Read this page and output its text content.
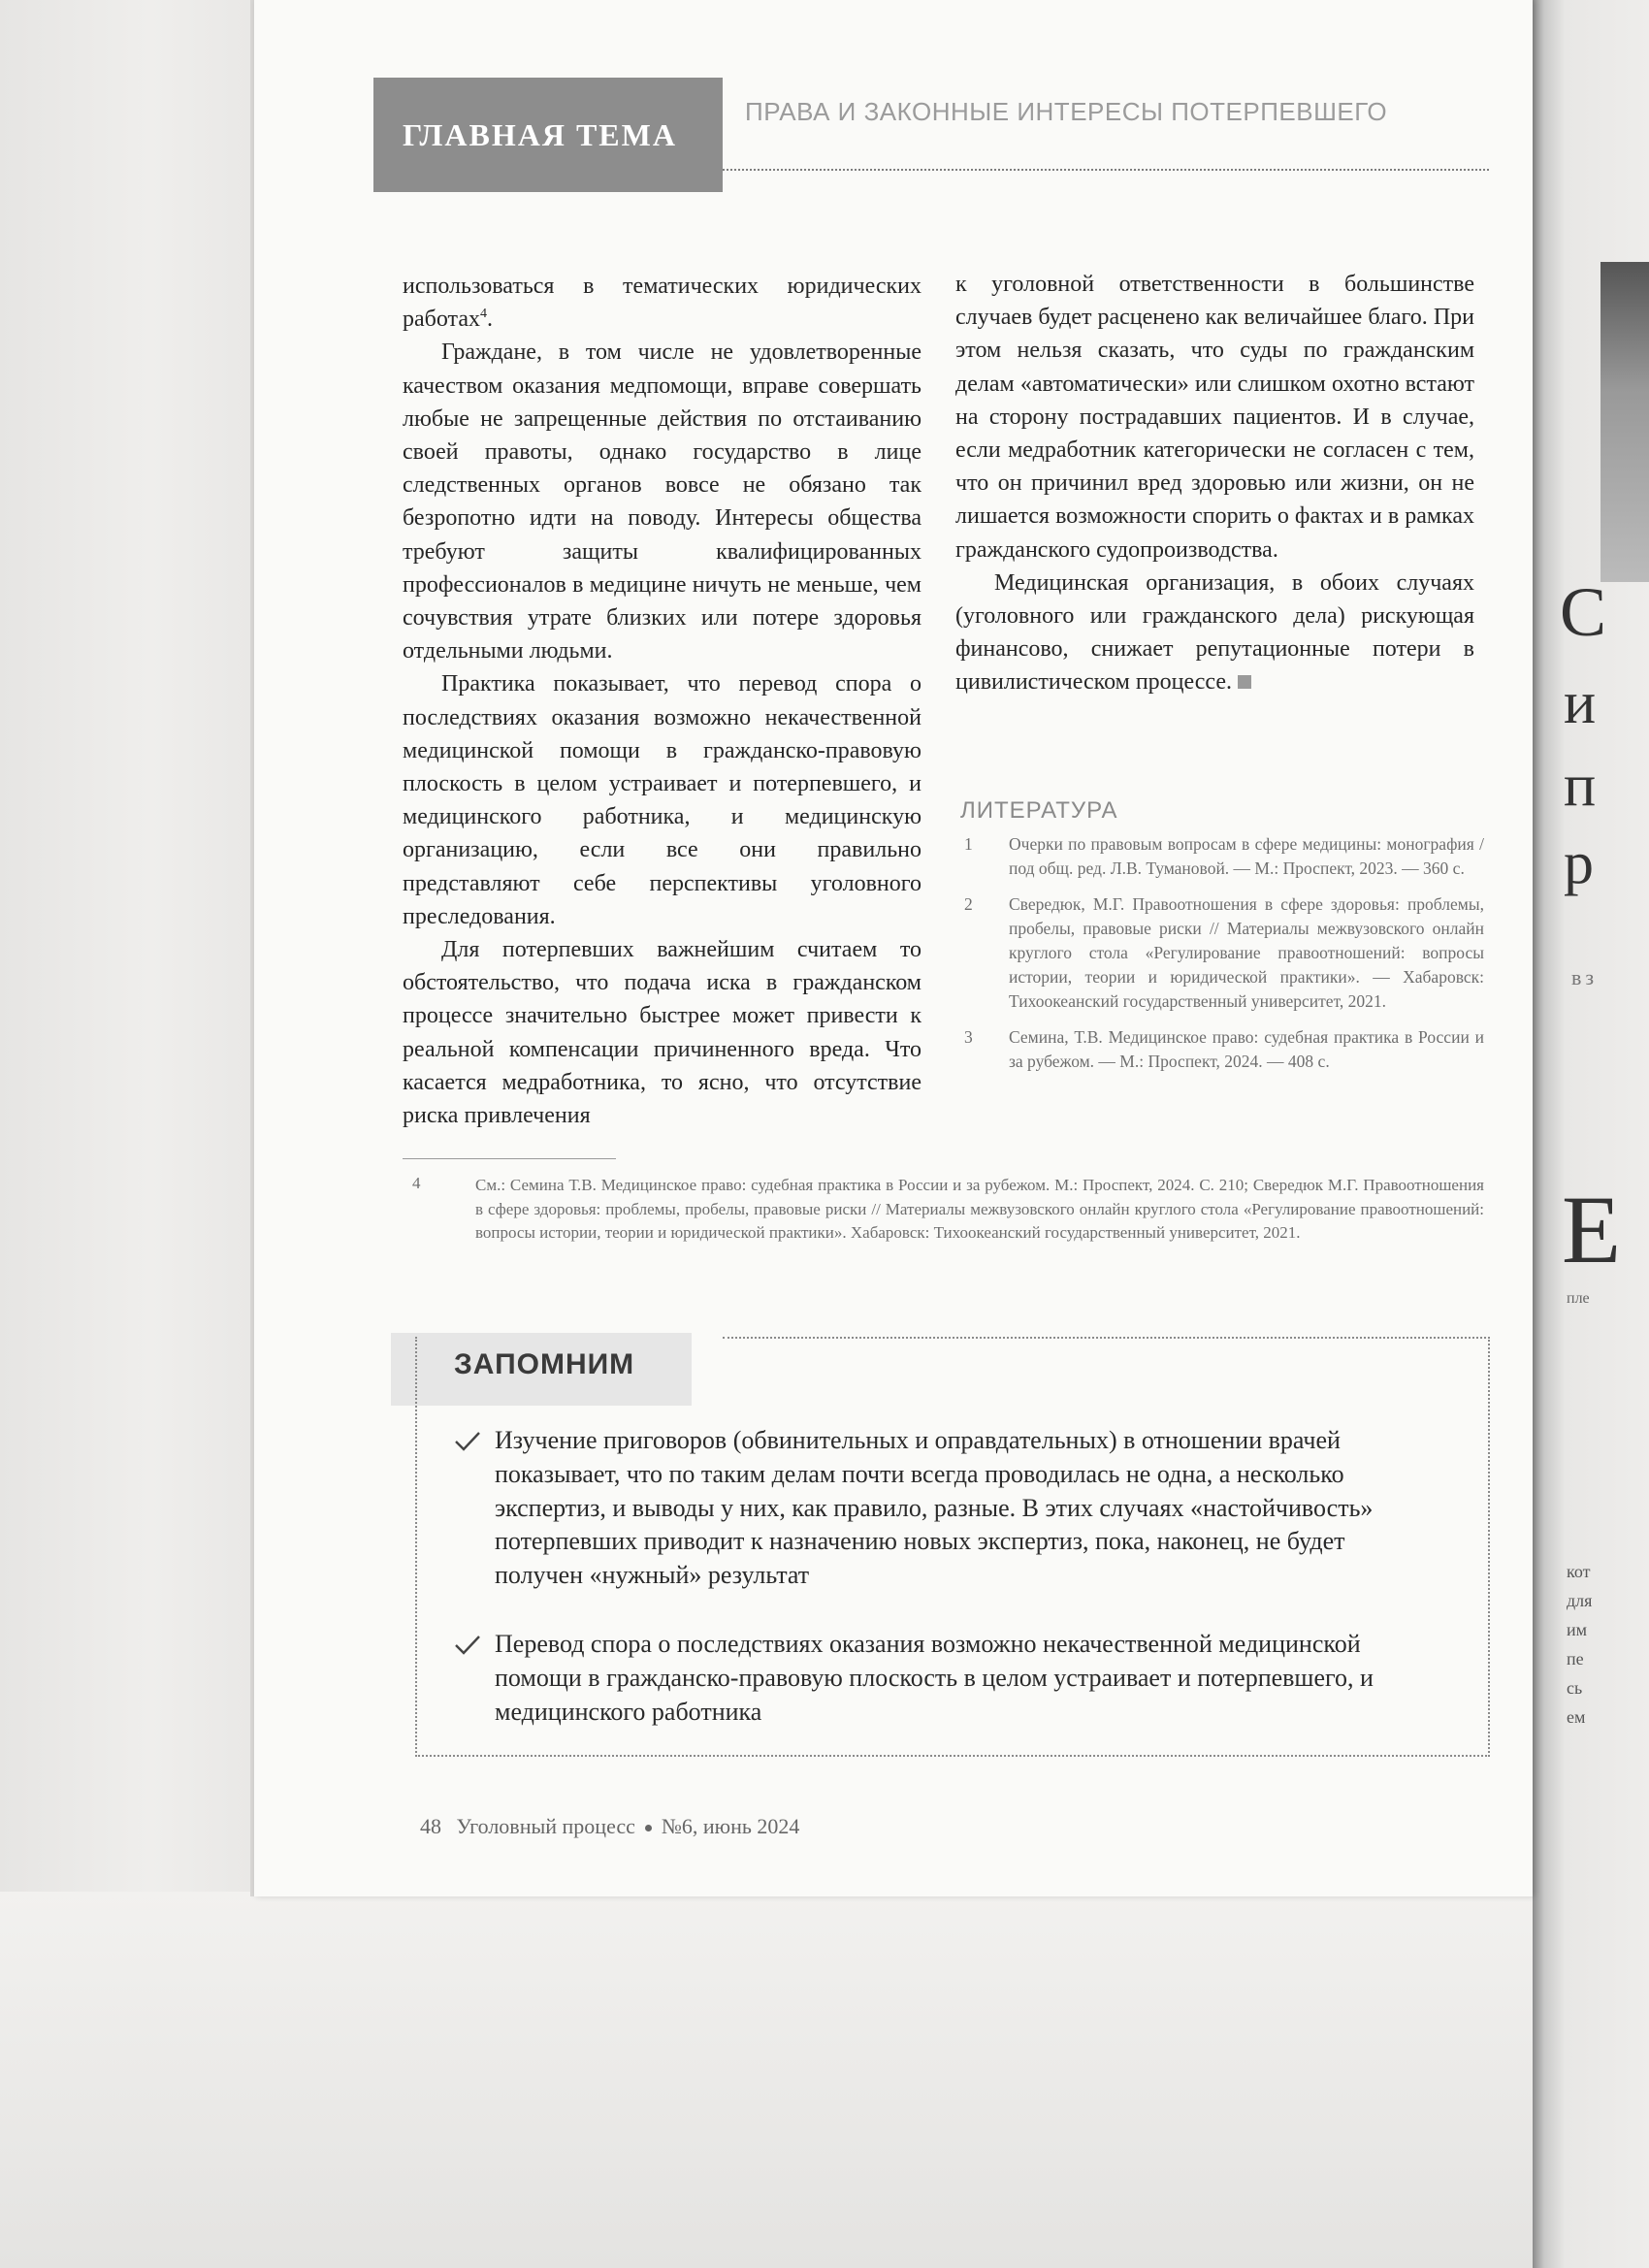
С
и
п
р
вз
Е
пле
кот
для
им
пе
сь
ем
ГЛАВНАЯ ТЕМА
ПРАВА И ЗАКОННЫЕ ИНТЕРЕСЫ ПОТЕРПЕВШЕГО

использоваться в тематических юридических работах$^4$.

Граждане, в том числе не удовлетворенные качеством оказания медпомощи, вправе совершать любые не запрещенные действия по отстаиванию своей правоты, однако государство в лице следственных органов вовсе не обязано так безропотно идти на поводу. Интересы общества требуют защиты квалифицированных профессионалов в медицине ничуть не меньше, чем сочувствия утрате близких или потере здоровья отдельными людьми.

Практика показывает, что перевод спора о последствиях оказания возможно некачественной медицинской помощи в гражданско-правовую плоскость в целом устраивает и потерпевшего, и медицинского работника, и медицинскую организацию, если все они правильно представляют себе перспективы уголовного преследования.

Для потерпевших важнейшим считаем то обстоятельство, что подача иска в гражданском процессе значительно быстрее может привести к реальной компенсации причиненного вреда. Что касается медработника, то ясно, что отсутствие риска привлечения

к уголовной ответственности в большинстве случаев будет расценено как величайшее благо. При этом нельзя сказать, что суды по гражданским делам «автоматически» или слишком охотно встают на сторону пострадавших пациентов. И в случае, если медработник категорически не согласен с тем, что он причинил вред здоровью или жизни, он не лишается возможности спорить о фактах и в рамках гражданского судопроизводства.

Медицинская организация, в обоих случаях (уголовного или гражданского дела) рискующая финансово, снижает репутационные потери в цивилистическом процессе.

ЛИТЕРАТУРА
1 Очерки по правовым вопросам в сфере медицины: монография / под общ. ред. Л.В. Тумановой. — М.: Проспект, 2023. — 360 с.
2 Свередюк, М.Г. Правоотношения в сфере здоровья: проблемы, пробелы, правовые риски // Материалы межвузовского онлайн круглого стола «Регулирование правоотношений: вопросы истории, теории и юридической практики». — Хабаровск: Тихоокеанский государственный университет, 2021.
3 Семина, Т.В. Медицинское право: судебная практика в России и за рубежом. — М.: Проспект, 2024. — 408 с.
4	См.: Семина Т.В. Медицинское право: судебная практика в России и за рубежом. М.: Проспект, 2024. С. 210; Свередюк М.Г. Правоотношения в сфере здоровья: проблемы, пробелы, правовые риски // Материалы межвузовского онлайн круглого стола «Регулирование правоотношений: вопросы истории, теории и юридической практики». Хабаровск: Тихоокеанский государственный университет, 2021.
ЗАПОМНИМ
Изучение приговоров (обвинительных и оправдательных) в отношении врачей показывает, что по таким делам почти всегда проводилась не одна, а несколько экспертиз, и выводы у них, как правило, разные. В этих случаях «настойчивость» потерпевших приводит к назначению новых экспертиз, пока, наконец, не будет получен «нужный» результат
Перевод спора о последствиях оказания возможно некачественной медицинской помощи в гражданско-правовую плоскость в целом устраивает и потерпевшего, и медицинского работника
48 Уголовный процесс №6, июнь 2024
